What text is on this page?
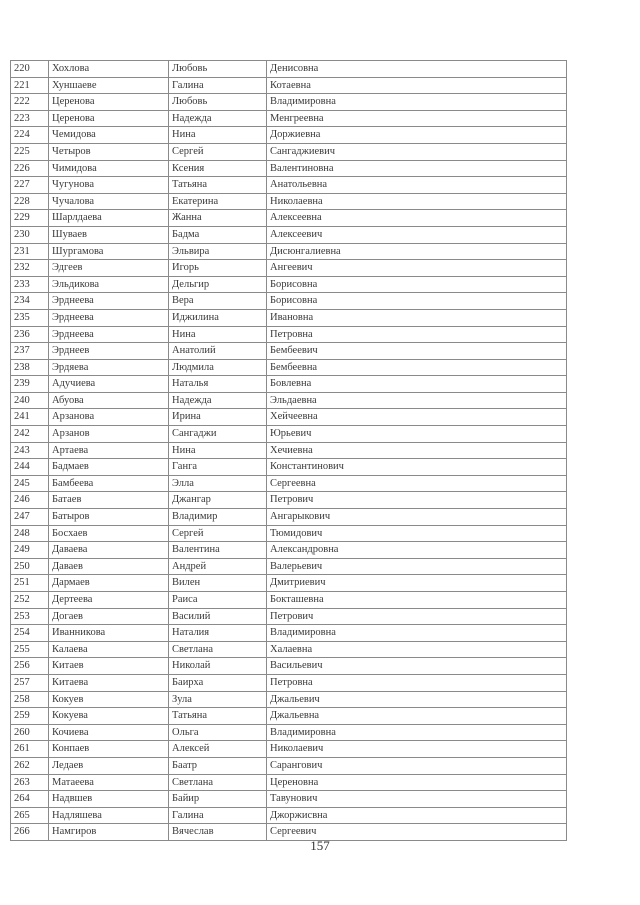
220	Хохлова	Любовь	Денисовна
221	Хуншаеве	Галина	Котаевна
222	Церенова	Любовь	Владимировна
223	Церенова	Надежда	Менгреевна
224	Чемидова	Нина	Доржиевна
225	Четыров	Сергей	Сангаджиевич
226	Чимидова	Ксения	Валентиновна
227	Чугунова	Татьяна	Анатольевна
228	Чучалова	Екатерина	Николаевна
229	Шарлдаева	Жанна	Алексеевна
230	Шуваев	Бадма	Алексеевич
231	Шургамова	Эльвира	Дисюнгалиевна
232	Эдгеев	Игорь	Ангеевич
233	Эльдикова	Дельгир	Борисовна
234	Эрднеева	Вера	Борисовна
235	Эрднеева	Иджилина	Ивановна
236	Эрднеева	Нина	Петровна
237	Эрднеев	Анатолий	Бембеевич
238	Эрдяева	Людмила	Бембеевна
239	Адучиева	Наталья	Бовлевна
240	Абуова	Надежда	Эльдаевна
241	Арзанова	Ирина	Хейчеевна
242	Арзанов	Сангаджи	Юрьевич
243	Артаева	Нина	Хечиевна
244	Бадмаев	Ганга	Константинович
245	Бамбеева	Элла	Сергеевна
246	Батаев	Джангар	Петрович
247	Батыров	Владимир	Ангарыкович
248	Босхаев	Сергей	Тюмидович
249	Даваева	Валентина	Александровна
250	Даваев	Андрей	Валерьевич
251	Дармаев	Вилен	Дмитриевич
252	Дертеева	Раиса	Бокташевна
253	Догаев	Василий	Петрович
254	Иванникова	Наталия	Владимировна
255	Калаева	Светлана	Халаевна
256	Китаев	Николай	Васильевич
257	Китаева	Баирха	Петровна
258	Кокуев	Зула	Джальевич
259	Кокуева	Татьяна	Джальевна
260	Кочиева	Ольга	Владимировна
261	Конпаев	Алексей	Николаевич
262	Ледаев	Баатр	Сарангович
263	Матаеева	Светлана	Цереновна
264	Надвшев	Байир	Тавунович
265	Надляшева	Галина	Джоржисвна
266	Намгиров	Вячеслав	Сергеевич
157
